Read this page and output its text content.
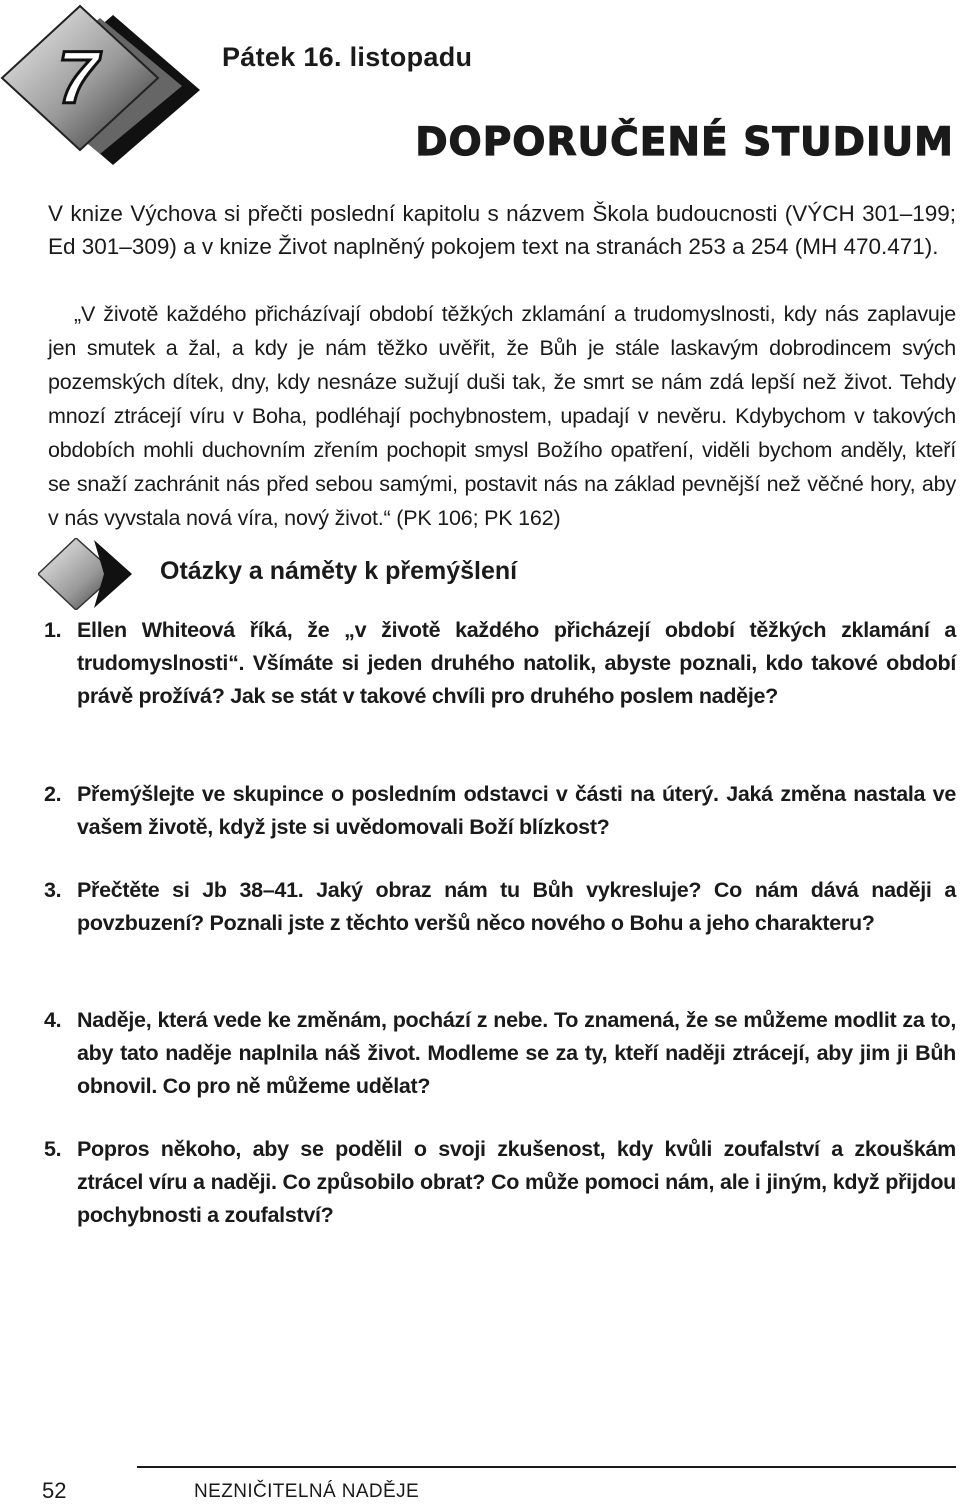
7	Pátek 16. listopadu
DOPORUČENÉ STUDIUM

V knize Výchova si přečti poslední kapitolu s názvem Škola budoucnosti (VÝCH 301–199; Ed 301–309) a v knize Život naplněný pokojem text na stranách 253 a 254 (MH 470.471).

„V životě každého přicházívají období těžkých zklamání a trudomyslnosti, kdy nás zaplavuje jen smutek a žal, a kdy je nám těžko uvěřit, že Bůh je stále laskavým dobrodincem svých pozemských dítek, dny, kdy nesnáze sužují duši tak, že smrt se nám zdá lepší než život. Tehdy mnozí ztrácejí víru v Boha, podléhají pochybnostem, upadají v nevěru. Kdybychom v takových obdobích mohli duchovním zřením pochopit smysl Božího opatření, viděli bychom anděly, kteří se snaží zachránit nás před sebou samými, postavit nás na základ pevnější než věčné hory, aby v nás vyvstala nová víra, nový život.“ (PK 106; PK 162)

Otázky a náměty k přemýšlení
1. Ellen Whiteová říká, že „v životě každého přicházejí období těžkých zklamání a trudomyslnosti“. Všímáte si jeden druhého natolik, abyste poznali, kdo takové období právě prožívá? Jak se stát v takové chvíli pro druhého poslem naděje?
2. Přemýšlejte ve skupince o posledním odstavci v části na úterý. Jaká změna nastala ve vašem životě, když jste si uvědomovali Boží blízkost?
3. Přečtěte si Jb 38–41. Jaký obraz nám tu Bůh vykresluje? Co nám dává naději a povzbuzení? Poznali jste z těchto veršů něco nového o Bohu a jeho charakteru?
4. Naděje, která vede ke změnám, pochází z nebe. To znamená, že se můžeme modlit za to, aby tato naděje naplnila náš život. Modleme se za ty, kteří naději ztrácejí, aby jim ji Bůh obnovil. Co pro ně můžeme udělat?
5. Popros někoho, aby se podělil o svoji zkušenost, kdy kvůli zoufalství a zkouškám ztrácel víru a naději. Co způsobilo obrat? Co může pomoci nám, ale i jiným, když přijdou pochybnosti a zoufalství?

52	NEZNIČITELNÁ NADĚJE
